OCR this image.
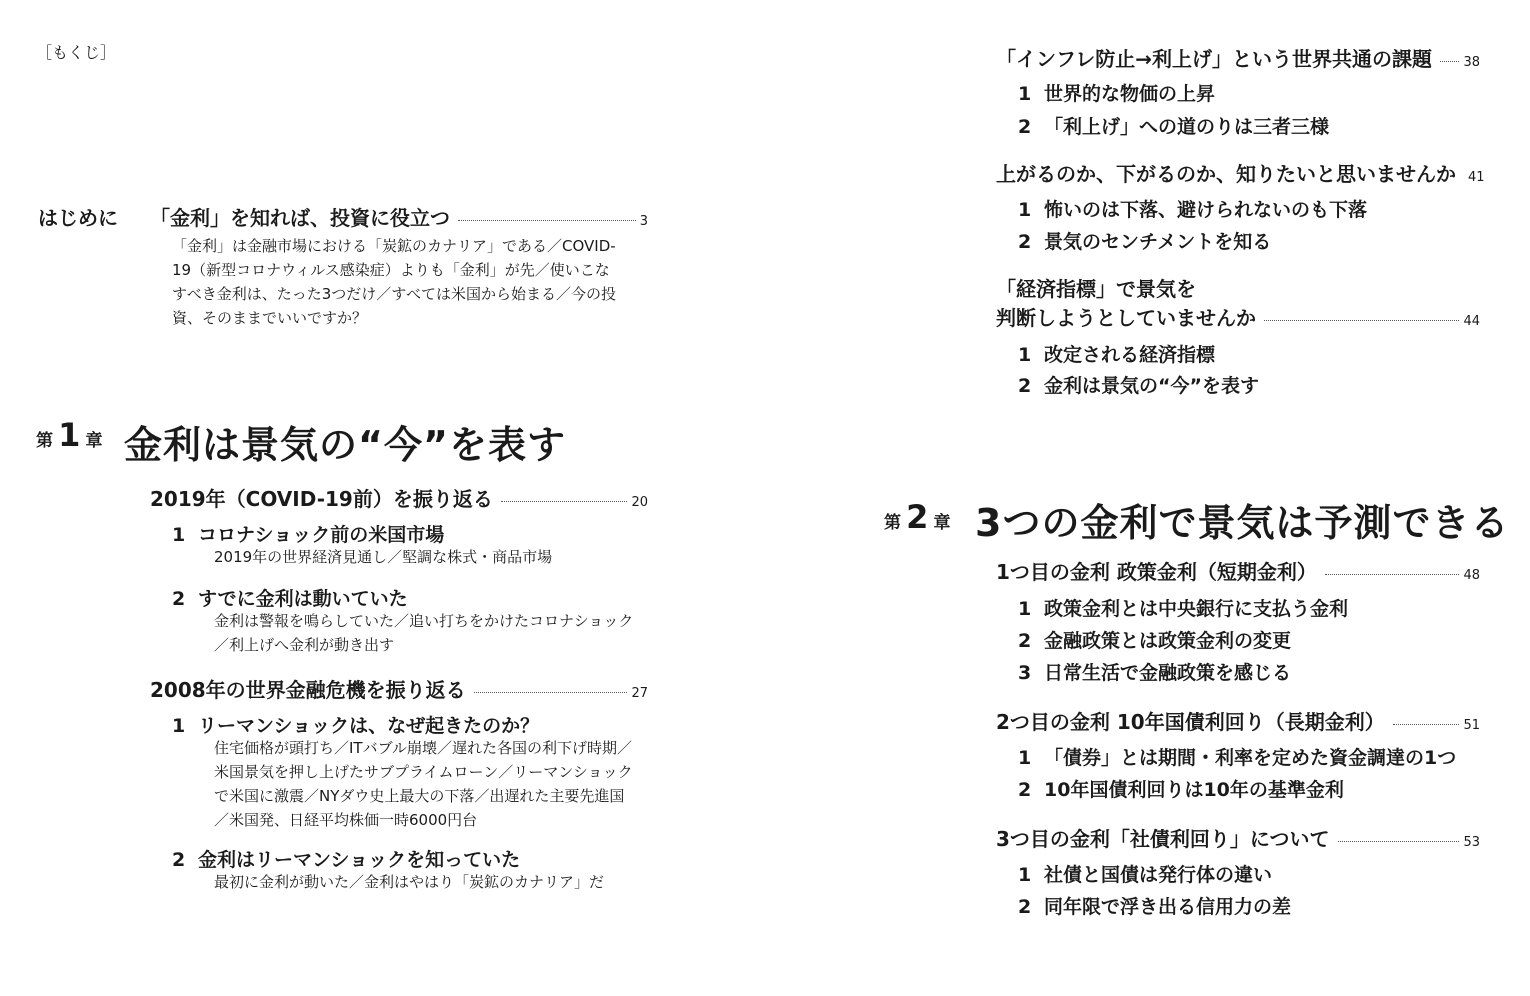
［もくじ］
はじめに 「金利」を知れば、投資に役立つ	3
「金利」は金融市場における「炭鉱のカナリア」である／COVID-19（新型コロナウィルス感染症）よりも「金利」が先／使いこなすべき金利は、たった3つだけ／すべては米国から始まる／今の投資、そのままでいいですか？
第 1 章 金利は景気の“今”を表す
2019年（COVID-19前）を振り返る	20
1 コロナショック前の米国市場
2019年の世界経済見通し／堅調な株式・商品市場
2 すでに金利は動いていた
金利は警報を鳴らしていた／追い打ちをかけたコロナショック／利上げへ金利が動き出す
2008年の世界金融危機を振り返る	27
1 リーマンショックは、なぜ起きたのか？
住宅価格が頭打ち／ITバブル崩壊／遅れた各国の利下げ時期／米国景気を押し上げたサブプライムローン／リーマンショックで米国に激震／NYダウ史上最大の下落／出遅れた主要先進国／米国発、日経平均株価一時6000円台
2 金利はリーマンショックを知っていた
最初に金利が動いた／金利はやはり「炭鉱のカナリア」だ
「インフレ防止→利上げ」という世界共通の課題 38
1 世界的な物価の上昇
2 「利上げ」への道のりは三者三様
上がるのか、下がるのか、知りたいと思いませんか 41
1 怖いのは下落、避けられないのも下落
2 景気のセンチメントを知る
「経済指標」で景気を
判断しようとしていませんか	44
1 改定される経済指標
2 金利は景気の“今”を表す
第 2 章 3つの金利で景気は予測できる
1つ目の金利 政策金利（短期金利）	48
1 政策金利とは中央銀行に支払う金利
2 金融政策とは政策金利の変更
3 日常生活で金融政策を感じる
2つ目の金利 10年国債利回り（長期金利）	51
1 「債券」とは期間・利率を定めた資金調達の1つ
2 10年国債利回りは10年の基準金利
3つ目の金利「社債利回り」について	53
1 社債と国債は発行体の違い
2 同年限で浮き出る信用力の差
